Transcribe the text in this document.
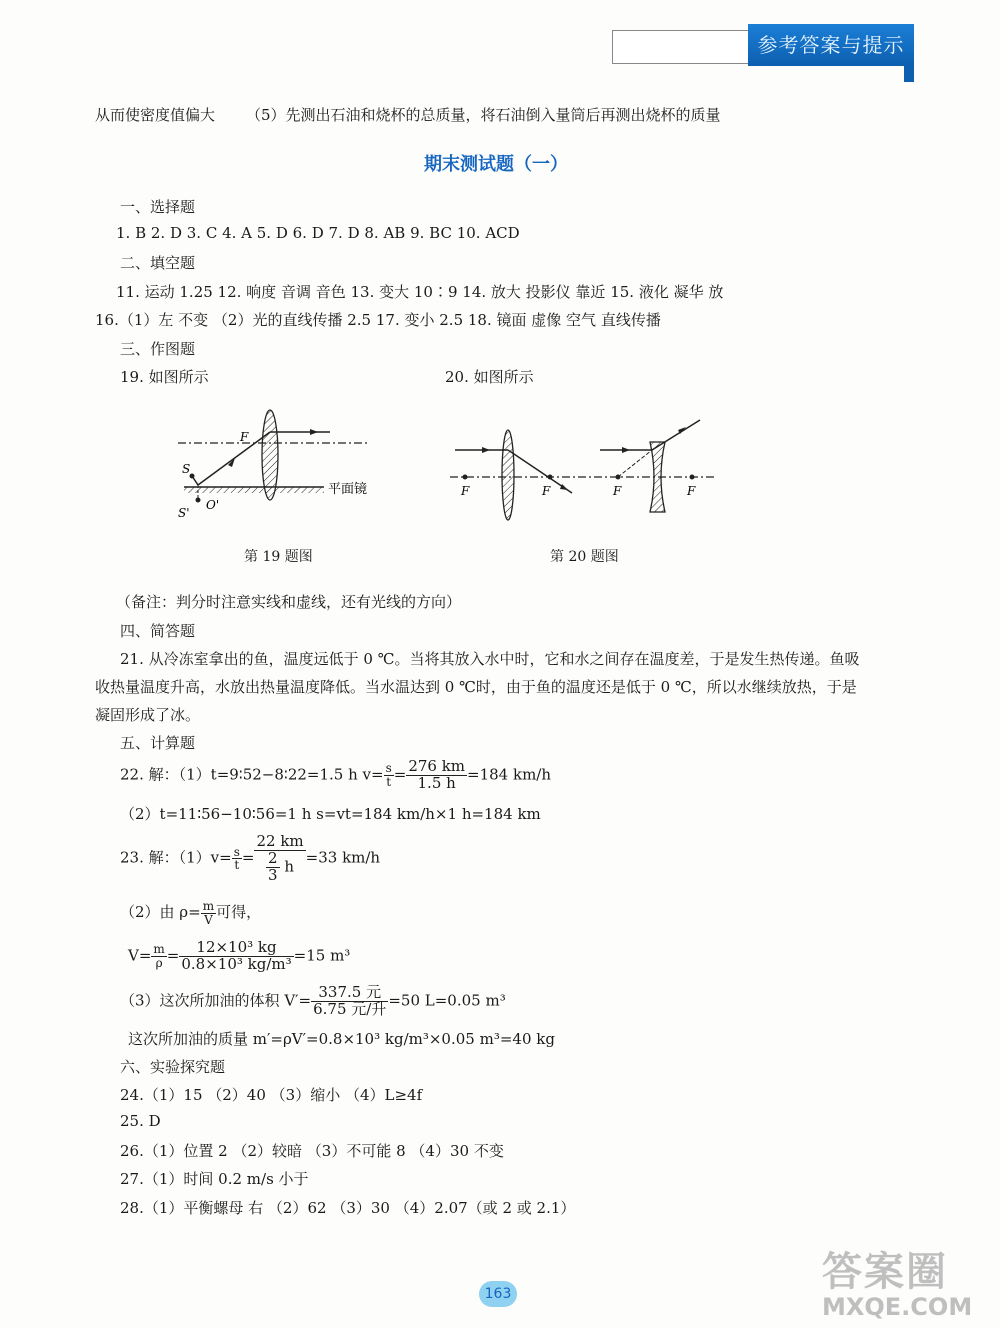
参考答案与提示
从而使密度值偏大 （5）先测出石油和烧杯的总质量，将石油倒入量筒后再测出烧杯的质量
期末测试题（一）
一、选择题
1. B 2. D 3. C 4. A 5. D 6. D 7. D 8. AB 9. BC 10. ACD
二、填空题
11. 运动 1.25 12. 响度 音调 音色 13. 变大 10∶9 14. 放大 投影仪 靠近 15. 液化 凝华 放
16.（1）左 不变 （2）光的直线传播 2.5 17. 变小 2.5 18. 镜面 虚像 空气 直线传播
三、作图题
19. 如图所示	20. 如图所示
F
S
O'
S'
平面镜	F	F	F	F
第 19 题图	第 20 题图
（备注：判分时注意实线和虚线，还有光线的方向）
四、简答题
21. 从冷冻室拿出的鱼，温度远低于 0 ℃。当将其放入水中时，它和水之间存在温度差，于是发生热传递。鱼吸
收热量温度升高，水放出热量温度降低。当水温达到 0 ℃时，由于鱼的温度还是低于 0 ℃，所以水继续放热，于是
凝固形成了冰。
五、计算题
22. 解：（1）t=9∶52−8∶22=1.5 h $v= \frac{s}{t} = \frac{276 km}{1.5 h} =184$ km/h
（2）t=11∶56−10∶56=1 h s=vt=184 km/h×1 h=184 km
23. 解：$(1)v= \frac{s}{t} = \frac{22 km}{\frac{2}{3} h} =33$ km/h
（2）由 $\rho= \frac{m}{V}$ 可得，
$V= \frac{m}{\rho} = \frac{\text{12×10³ kg}}{\text{0.8×10³ kg/m³}} =15$ m³
（3）这次所加油的体积 $V'= \frac{\text{337.5 元}}{\text{6.75 元/升}} =50$ L=0.05 m³
这次所加油的质量 m′=ρV′=0.8×10³ kg/m³×0.05 m³=40 kg
六、实验探究题
24.（1）15 （2）40 （3）缩小 （4）L≥4f
25. D
26.（1）位置 2 （2）较暗 （3）不可能 8 （4）30 不变
27.（1）时间 0.2 m/s 小于
28.（1）平衡螺母 右 （2）62 （3）30 （4）2.07（或 2 或 2.1）
163	答案圈
MXQE.COM
